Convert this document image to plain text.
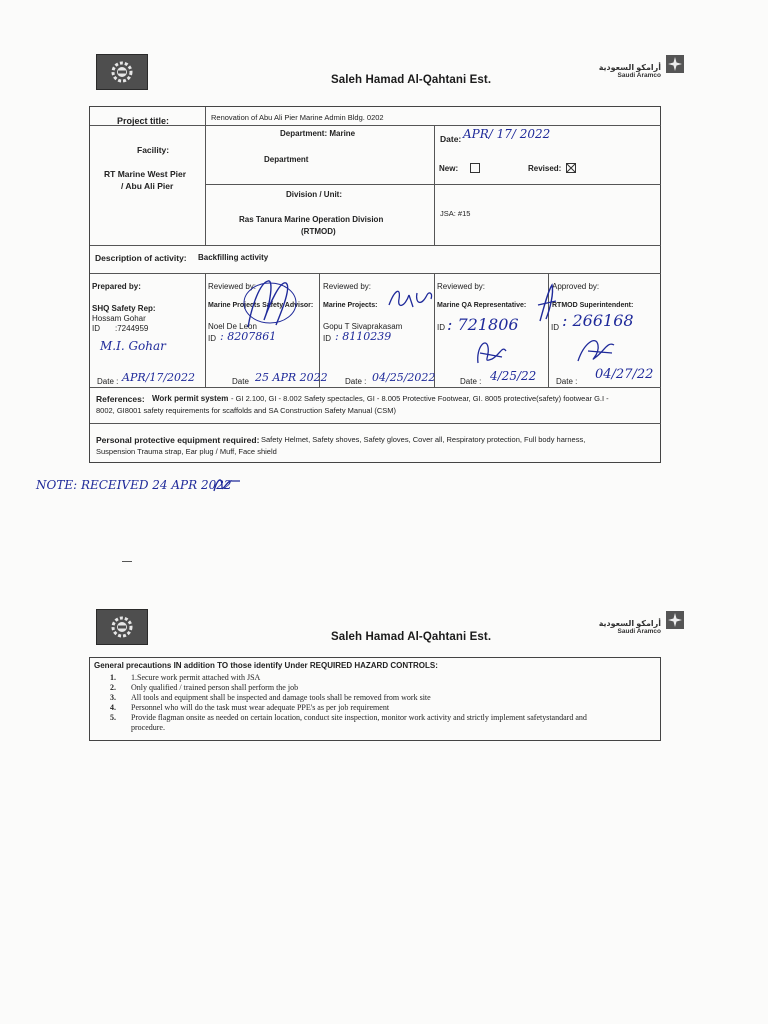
Saleh Hamad Al-Qahtani Est.
أرامكو السعودية
Saudi Aramco
Project title:	Renovation of Abu Ali Pier Marine Admin Bldg. 0202
Facility:
RT Marine West Pier
/ Abu Ali Pier
Department: Marine
Department
Date: APR/ 17/ 2022
New:	Revised:
Division / Unit:
Ras Tanura Marine Operation Division
(RTMOD)
JSA: #15
Description of activity: Backfilling activity
Prepared by:
SHQ Safety Rep:
Hossam Gohar
ID :7244959
M.I. Gohar
Date : APR/17/2022
Reviewed by:
Marine Projects Safety Advisor:
Noel De Leon
ID : 8207861
Date 25 APR 2022
Reviewed by:
Marine Projects:
Gopu T Sivaprakasam
ID : 8110239
Date : 04/25/2022
Reviewed by:
Marine QA Representative:
ID : 721806
Date : 4/25/22
Approved by:
RTMOD Superintendent:
ID : 266168
Date : 04/27/22
References: Work permit system - GI 2.100, GI - 8.002 Safety spectacles, GI - 8.005 Protective Footwear, GI. 8005 protective(safety) footwear G.I -
8002, GI8001 safety requirements for scaffolds and SA Construction Safety Manual (CSM)
Personal protective equipment required: Safety Helmet, Safety shoves, Safety gloves, Cover all, Respiratory protection, Full body harness,
Suspension Trauma strap, Ear plug / Muff, Face shield
NOTE: RECEIVED 24 APR 2022
Saleh Hamad Al-Qahtani Est.
أرامكو السعودية
Saudi Aramco
General precautions IN addition TO those identify Under REQUIRED HAZARD CONTROLS:
1. 1.Secure work permit attached with JSA
2. Only qualified / trained person shall perform the job
3. All tools and equipment shall be inspected and damage tools shall be removed from work site
4. Personnel who will do the task must wear adequate PPE's as per job requirement
5. Provide flagman onsite as needed on certain location, conduct site inspection, monitor work activity and strictly implement safetystandard and
procedure.
